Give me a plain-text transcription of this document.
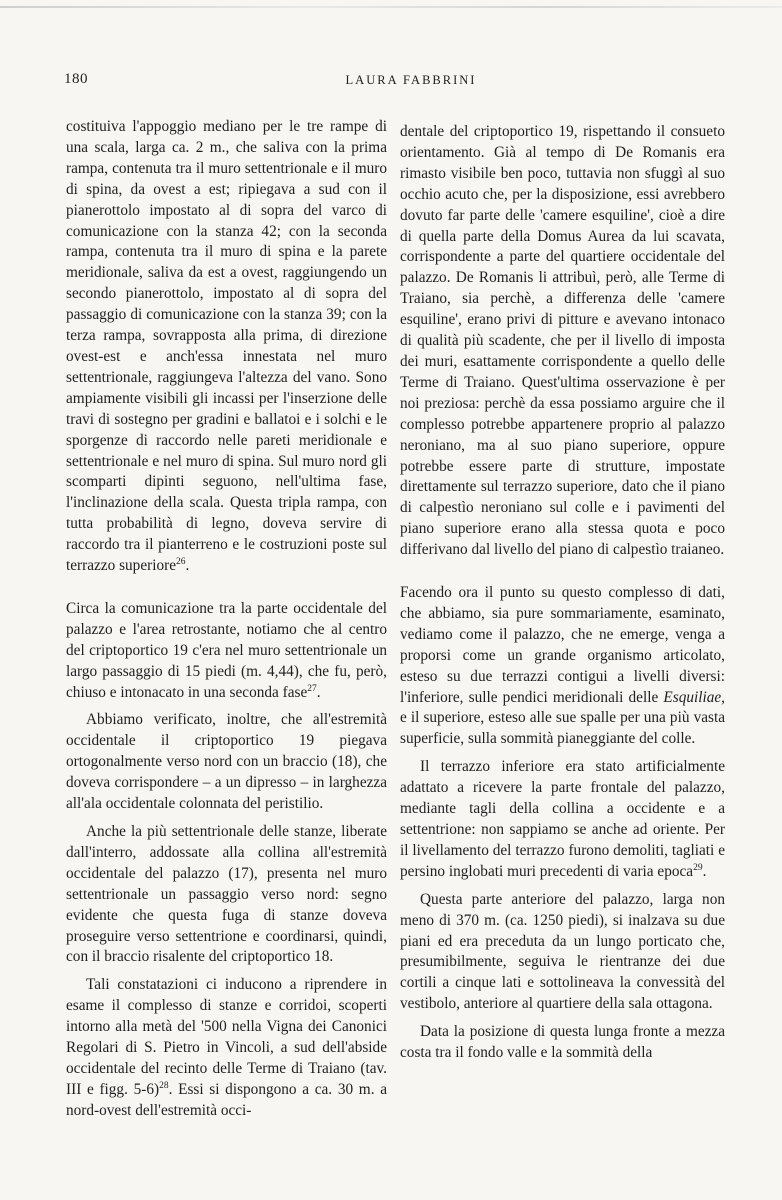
180	LAURA FABBRINI

costituiva l'appoggio mediano per le tre rampe di una scala, larga ca. 2 m., che saliva con la prima rampa, contenuta tra il muro settentrionale e il muro di spina, da ovest a est; ripiegava a sud con il pianerottolo impostato al di sopra del varco di comunicazione con la stanza 42; con la seconda rampa, contenuta tra il muro di spina e la parete meridionale, saliva da est a ovest, raggiungendo un secondo pianerottolo, impostato al di sopra del passaggio di comunicazione con la stanza 39; con la terza rampa, sovrapposta alla prima, di direzione ovest-est e anch'essa innestata nel muro settentrionale, raggiungeva l'altezza del vano. Sono ampiamente visibili gli incassi per l'inserzione delle travi di sostegno per gradini e ballatoi e i solchi e le sporgenze di raccordo nelle pareti meridionale e settentrionale e nel muro di spina. Sul muro nord gli scomparti dipinti seguono, nell'ultima fase, l'inclinazione della scala. Questa tripla rampa, con tutta probabilità di legno, doveva servire di raccordo tra il pianterreno e le costruzioni poste sul terrazzo superiore$^{26}$.

Circa la comunicazione tra la parte occidentale del palazzo e l'area retrostante, notiamo che al centro del criptoportico 19 c'era nel muro settentrionale un largo passaggio di 15 piedi (m. 4,44), che fu, però, chiuso e intonacato in una seconda fase$^{27}$.

Abbiamo verificato, inoltre, che all'estremità occidentale il criptoportico 19 piegava ortogonalmente verso nord con un braccio (18), che doveva corrispondere – a un dipresso – in larghezza all'ala occidentale colonnata del peristilio.

Anche la più settentrionale delle stanze, liberate dall'interro, addossate alla collina all'estremità occidentale del palazzo (17), presenta nel muro settentrionale un passaggio verso nord: segno evidente che questa fuga di stanze doveva proseguire verso settentrione e coordinarsi, quindi, con il braccio risalente del criptoportico 18.

Tali constatazioni ci inducono a riprendere in esame il complesso di stanze e corridoi, scoperti intorno alla metà del '500 nella Vigna dei Canonici Regolari di S. Pietro in Vincoli, a sud dell'abside occidentale del recinto delle Terme di Traiano (tav. III e figg. 5-6)$^{28}$. Essi si dispongono a ca. 30 m. a nord-ovest dell'estremità occi-

dentale del criptoportico 19, rispettando il consueto orientamento. Già al tempo di De Romanis era rimasto visibile ben poco, tuttavia non sfuggì al suo occhio acuto che, per la disposizione, essi avrebbero dovuto far parte delle 'camere esquiline', cioè a dire di quella parte della Domus Aurea da lui scavata, corrispondente a parte del quartiere occidentale del palazzo. De Romanis li attribuì, però, alle Terme di Traiano, sia perchè, a differenza delle 'camere esquiline', erano privi di pitture e avevano intonaco di qualità più scadente, che per il livello di imposta dei muri, esattamente corrispondente a quello delle Terme di Traiano. Quest'ultima osservazione è per noi preziosa: perchè da essa possiamo arguire che il complesso potrebbe appartenere proprio al palazzo neroniano, ma al suo piano superiore, oppure potrebbe essere parte di strutture, impostate direttamente sul terrazzo superiore, dato che il piano di calpestìo neroniano sul colle e i pavimenti del piano superiore erano alla stessa quota e poco differivano dal livello del piano di calpestìo traianeo.

Facendo ora il punto su questo complesso di dati, che abbiamo, sia pure sommariamente, esaminato, vediamo come il palazzo, che ne emerge, venga a proporsi come un grande organismo articolato, esteso su due terrazzi contigui a livelli diversi: l'inferiore, sulle pendici meridionali delle Esquiliae, e il superiore, esteso alle sue spalle per una più vasta superficie, sulla sommità pianeggiante del colle.

Il terrazzo inferiore era stato artificialmente adattato a ricevere la parte frontale del palazzo, mediante tagli della collina a occidente e a settentrione: non sappiamo se anche ad oriente. Per il livellamento del terrazzo furono demoliti, tagliati e persino inglobati muri precedenti di varia epoca$^{29}$.

Questa parte anteriore del palazzo, larga non meno di 370 m. (ca. 1250 piedi), si inalzava su due piani ed era preceduta da un lungo porticato che, presumibilmente, seguiva le rientranze dei due cortili a cinque lati e sottolineava la convessità del vestibolo, anteriore al quartiere della sala ottagona.

Data la posizione di questa lunga fronte a mezza costa tra il fondo valle e la sommità della
